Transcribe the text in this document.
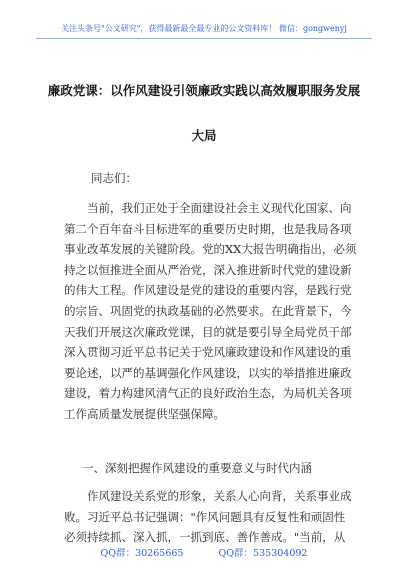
关注头条号"公文研究"，获得最新最全最专业的公文资料库！ 微信：gongwenyj
廉政党课：以作风建设引领廉政实践以高效履职服务发展
大局
同志们：
当前，我们正处于全面建设社会主义现代化国家、向
第二个百年奋斗目标进军的重要历史时期，也是我局各项
事业改革发展的关键阶段。党的XX大报告明确指出，必须
持之以恒推进全面从严治党，深入推进新时代党的建设新
的伟大工程。作风建设是党的建设的重要内容，是践行党
的宗旨、巩固党的执政基础的必然要求。在此背景下，今
天我们开展这次廉政党课，目的就是要引导全局党员干部
深入贯彻习近平总书记关于党风廉政建设和作风建设的重
要论述，以严的基调强化作风建设，以实的举措推进廉政
建设，着力构建风清气正的良好政治生态，为局机关各项
工作高质量发展提供坚强保障。
一、深刻把握作风建设的重要意义与时代内涵
作风建设关系党的形象，关系人心向背，关系事业成
败。习近平总书记强调："作风问题具有反复性和顽固性
必须持续抓、深入抓，一抓到底、善作善成。"当前，从
QQ群：30265665	QQ群：535304092
